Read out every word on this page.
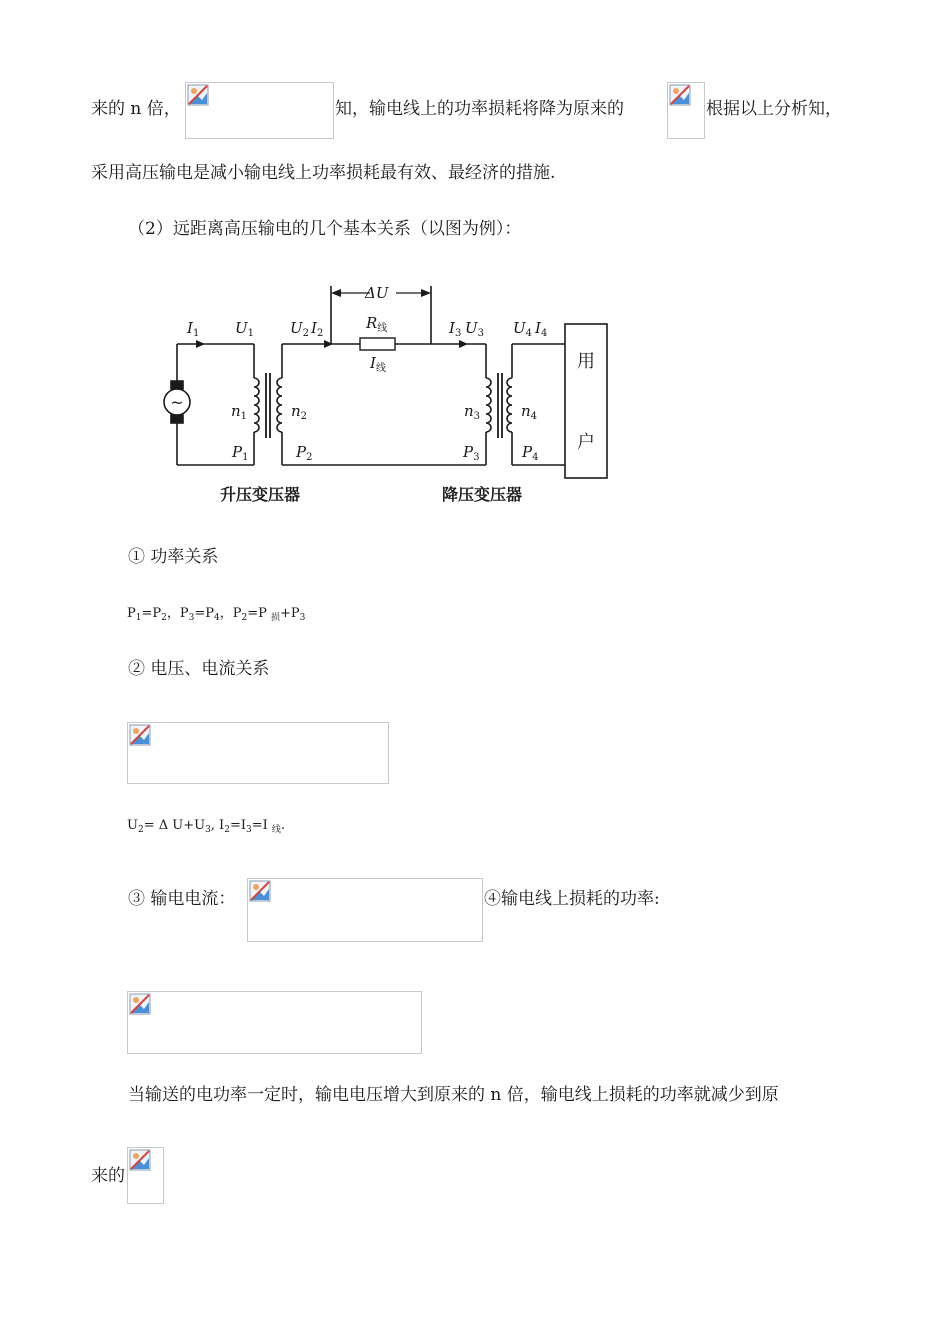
来的 n 倍，	知，输电线上的功率损耗将降为原来的	根据以上分析知，
采用高压输电是减小输电线上功率损耗最有效、最经济的措施.
（2）远距离高压输电的几个基本关系（以图为例）：
ΔU
$I_1$ $U_1$ $U_2$ $I_2$
$R_线$
$I_线$
$I_3$ $U_3$ $U_4$ $I_4$
$n_1$	$n_2$	$n_3$	$n_4$
$P_1$	$P_2$	$P_3$	$P_4$
~
用
户
升压变压器	降压变压器
① 功率关系
$P_1=P_2$，$P_3=P_4$，$P_2=P$ $_损+P_3$
② 电压、电流关系
$U_2= \Delta$ $U+U_3$, $I_2=I_3=I$ $_线$.
③ 输电电流：	④输电线上损耗的功率:
当输送的电功率一定时，输电电压增大到原来的 n 倍，输电线上损耗的功率就减少到原
来的
